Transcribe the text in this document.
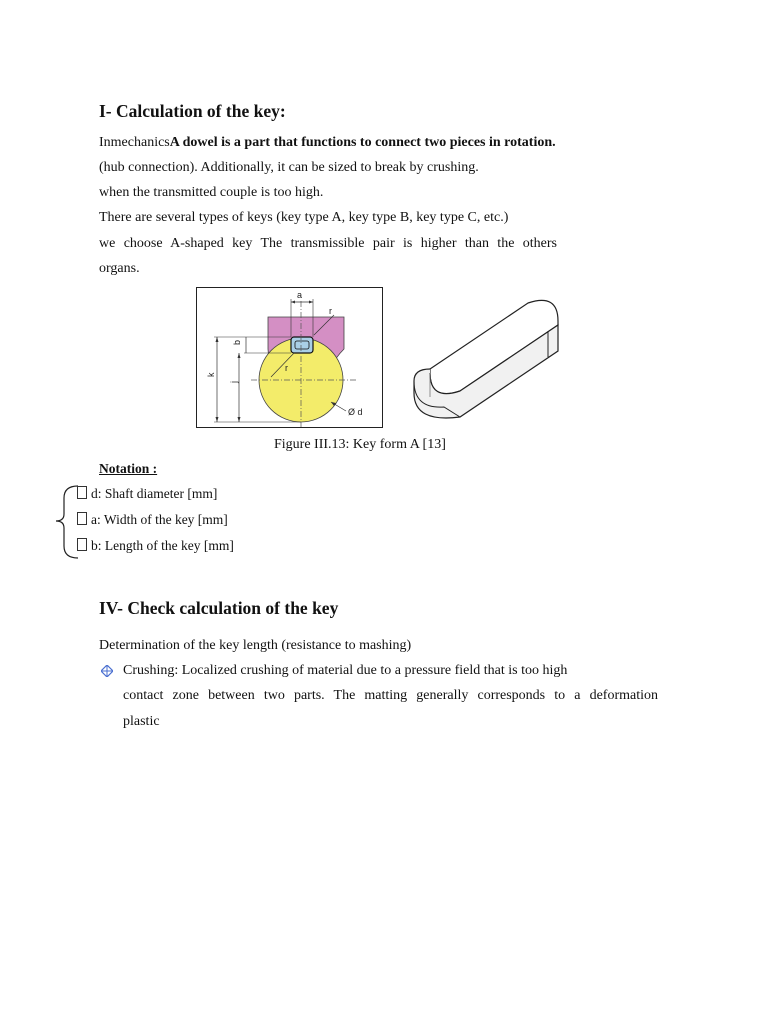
I- Calculation of the key:
InmechanicsA dowel is a part that functions to connect two pieces in rotation.
(hub connection). Additionally, it can be sized to break by crushing.
when the transmitted couple is too high.
There are several types of keys (key type A, key type B, key type C, etc.)
we choose A-shaped key The transmissible pair is higher than the others
organs.
a
r
b
k
j
r
Ø d
Figure III.13: Key form A [13]
Notation :
d: Shaft diameter [mm]
a: Width of the key [mm]
b: Length of the key [mm]
IV- Check calculation of the key
Determination of the key length (resistance to mashing)
Crushing: Localized crushing of material due to a pressure field that is too high
contact zone between two parts. The matting generally corresponds to a deformation
plastic
